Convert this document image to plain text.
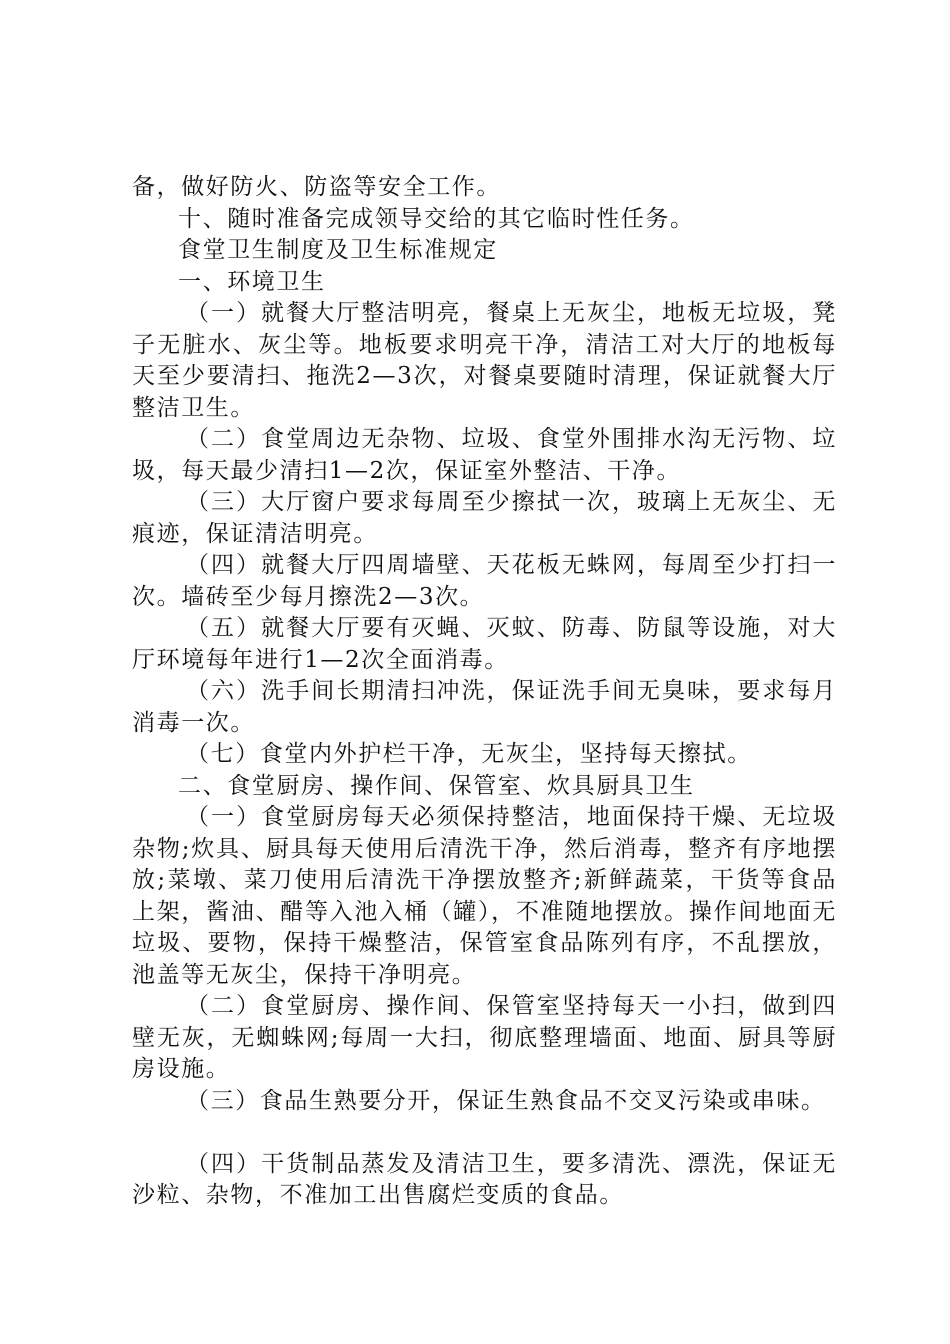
备，做好防火、防盗等安全工作。

十、随时准备完成领导交给的其它临时性任务。

食堂卫生制度及卫生标准规定

一、环境卫生

（一）就餐大厅整洁明亮，餐桌上无灰尘，地板无垃圾，凳子无脏水、灰尘等。地板要求明亮干净，清洁工对大厅的地板每天至少要清扫、拖洗2—3次，对餐桌要随时清理，保证就餐大厅整洁卫生。

（二）食堂周边无杂物、垃圾、食堂外围排水沟无污物、垃圾，每天最少清扫1—2次，保证室外整洁、干净。

（三）大厅窗户要求每周至少擦拭一次，玻璃上无灰尘、无痕迹，保证清洁明亮。

（四）就餐大厅四周墙壁、天花板无蛛网，每周至少打扫一次。墙砖至少每月擦洗2—3次。

（五）就餐大厅要有灭蝇、灭蚊、防毒、防鼠等设施，对大厅环境每年进行1—2次全面消毒。

（六）洗手间长期清扫冲洗，保证洗手间无臭味，要求每月消毒一次。

（七）食堂内外护栏干净，无灰尘，坚持每天擦拭。

二、食堂厨房、操作间、保管室、炊具厨具卫生

（一）食堂厨房每天必须保持整洁，地面保持干燥、无垃圾杂物;炊具、厨具每天使用后清洗干净，然后消毒，整齐有序地摆放;菜墩、菜刀使用后清洗干净摆放整齐;新鲜蔬菜，干货等食品上架，酱油、醋等入池入桶（罐），不准随地摆放。操作间地面无垃圾、要物，保持干燥整洁，保管室食品陈列有序，不乱摆放，池盖等无灰尘，保持干净明亮。

（二）食堂厨房、操作间、保管室坚持每天一小扫，做到四壁无灰，无蜘蛛网;每周一大扫，彻底整理墙面、地面、厨具等厨房设施。

（三）食品生熟要分开，保证生熟食品不交叉污染或串味。

（四）干货制品蒸发及清洁卫生，要多清洗、漂洗，保证无沙粒、杂物，不准加工出售腐烂变质的食品。
